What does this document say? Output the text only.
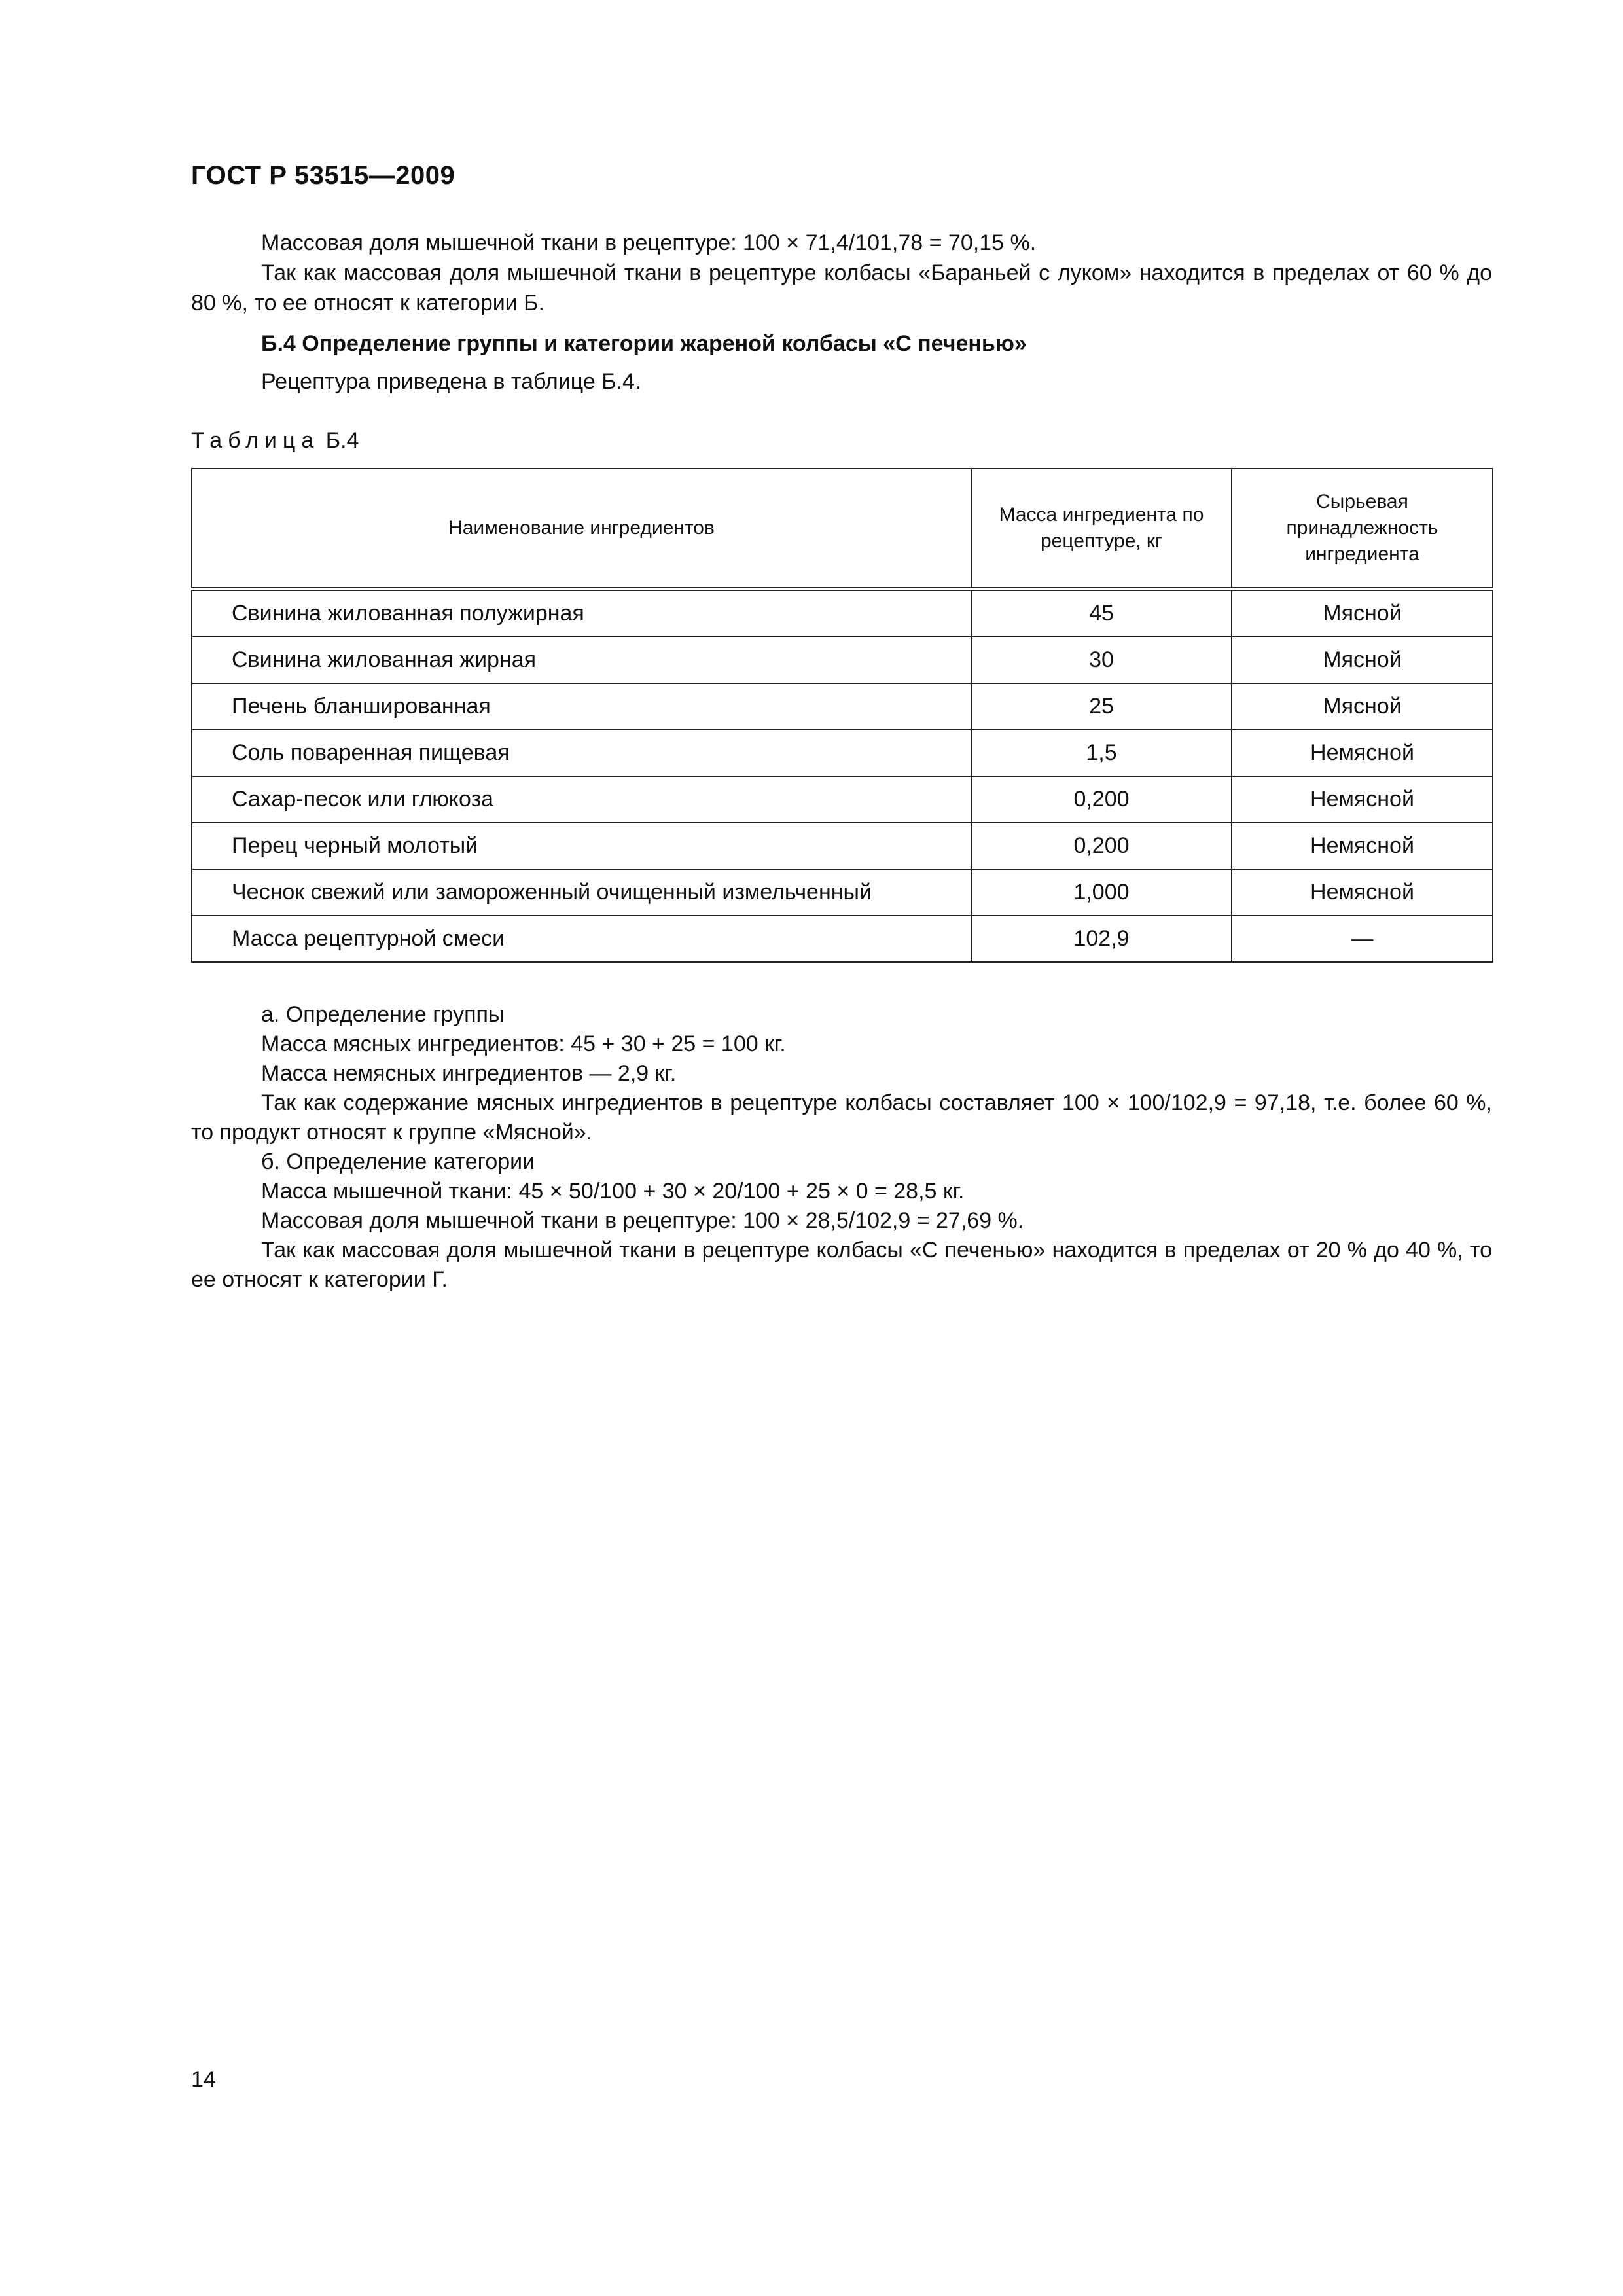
ГОСТ Р 53515—2009

Массовая доля мышечной ткани в рецептуре: 100 × 71,4/101,78 = 70,15 %.

Так как массовая доля мышечной ткани в рецептуре колбасы «Бараньей с луком» находится в пределах от 60 % до 80 %, то ее относят к категории Б.

Б.4 Определение группы и категории жареной колбасы «С печенью»
Рецептура приведена в таблице Б.4.
Таблица Б.4
Наименование ингредиентов	Масса ингредиента по рецептуре, кг	Сырьевая принадлежность ингредиента
Свинина жилованная полужирная	45	Мясной
Свинина жилованная жирная	30	Мясной
Печень бланшированная	25	Мясной
Соль поваренная пищевая	1,5	Немясной
Сахар-песок или глюкоза	0,200	Немясной
Перец черный молотый	0,200	Немясной
Чеснок свежий или замороженный очищенный измельченный	1,000	Немясной
Масса рецептурной смеси	102,9	—

а. Определение группы

Масса мясных ингредиентов: 45 + 30 + 25 = 100 кг.

Масса немясных ингредиентов — 2,9 кг.

Так как содержание мясных ингредиентов в рецептуре колбасы составляет 100 × 100/102,9 = 97,18, т.е. более 60 %, то продукт относят к группе «Мясной».

б. Определение категории

Масса мышечной ткани: 45 × 50/100 + 30 × 20/100 + 25 × 0 = 28,5 кг.

Массовая доля мышечной ткани в рецептуре: 100 × 28,5/102,9 = 27,69 %.

Так как массовая доля мышечной ткани в рецептуре колбасы «С печенью» находится в пределах от 20 % до 40 %, то ее относят к категории Г.

14
